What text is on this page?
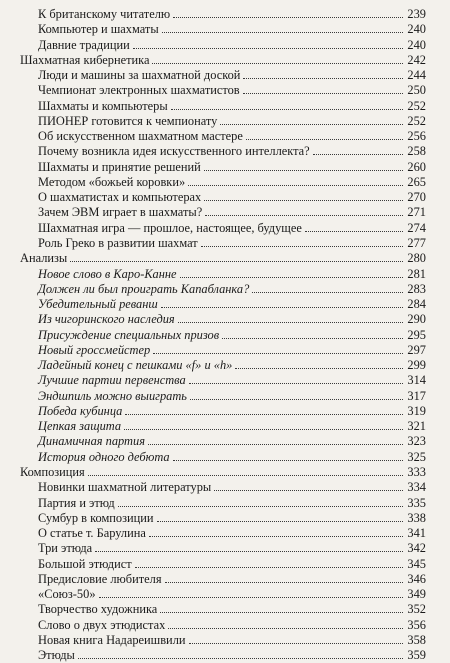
К британскому читателю	239
Компьютер и шахматы	240
Давние традиции	240
Шахматная кибернетика	242
Люди и машины за шахматной доской	244
Чемпионат электронных шахматистов	250
Шахматы и компьютеры	252
ПИОНЕР готовится к чемпионату	252
Об искусственном шахматном мастере	256
Почему возникла идея искусственного интеллекта?	258
Шахматы и принятие решений	260
Методом «божьей коровки»	265
О шахматистах и компьютерах	270
Зачем ЭВМ играет в шахматы?	271
Шахматная игра — прошлое, настоящее, будущее	274
Роль Греко в развитии шахмат	277
Анализы	280
Новое слово в Каро-Канне	281
Должен ли был проиграть Капабланка?	283
Убедительный реванш	284
Из чигоринского наследия	290
Присуждение специальных призов	295
Новый гроссмейстер	297
Ладейный конец с пешками «f» и «h»	299
Лучшие партии первенства	314
Эндшпиль можно выиграть	317
Победа кубинца	319
Цепкая защита	321
Динамичная партия	323
История одного дебюта	325
Композиция	333
Новинки шахматной литературы	334
Партия и этюд	335
Сумбур в композиции	338
О статье т. Барулина	341
Три этюда	342
Большой этюдист	345
Предисловие любителя	346
«Союз-50»	349
Творчество художника	352
Слово о двух этюдистах	356
Новая книга Надареишвили	358
Этюды	359
